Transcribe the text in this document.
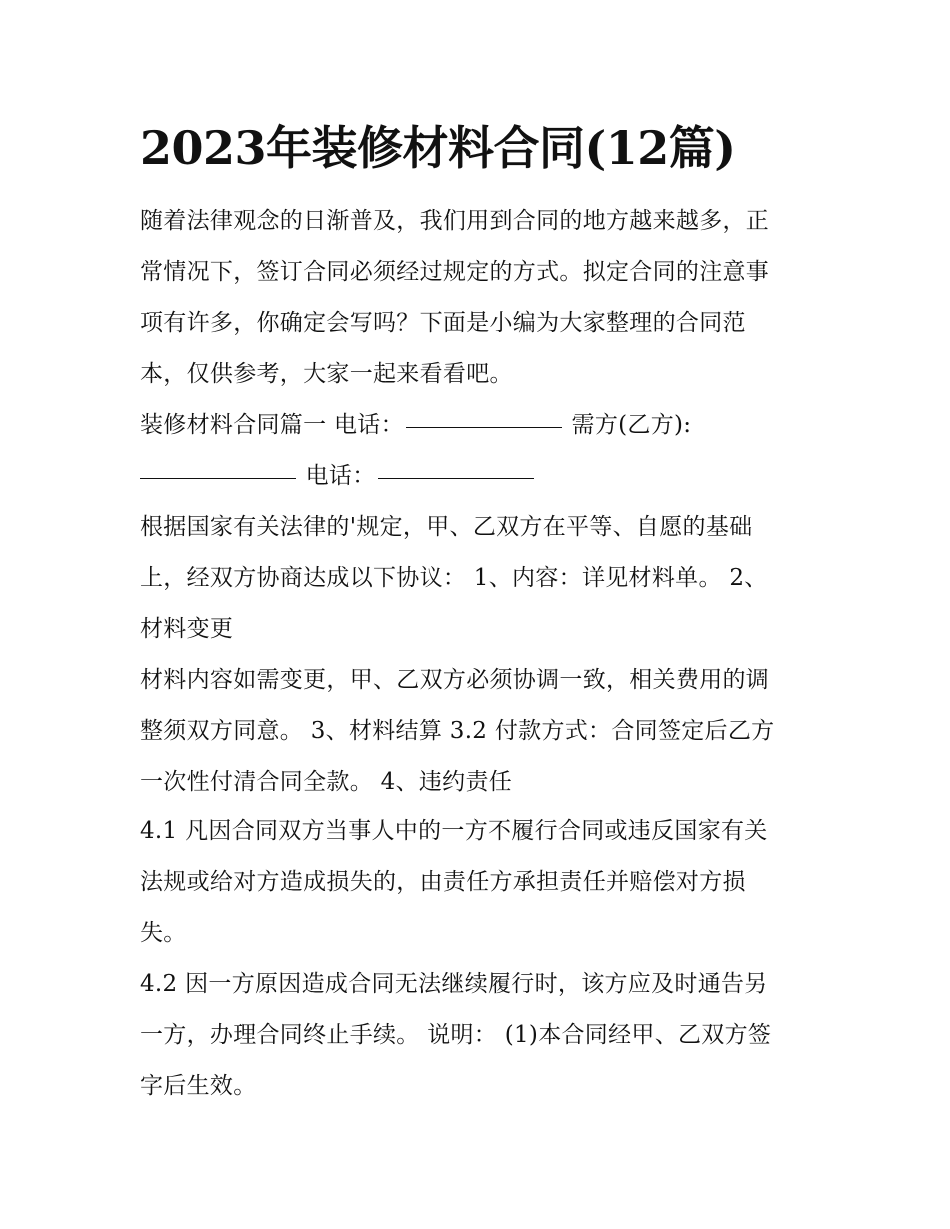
2023年装修材料合同(12篇)

随着法律观念的日渐普及，我们用到合同的地方越来越多，正
常情况下，签订合同必须经过规定的方式。拟定合同的注意事
项有许多，你确定会写吗？下面是小编为大家整理的合同范
本，仅供参考，大家一起来看看吧。

装修材料合同篇一 电话：	需方(乙方):
电话：

根据国家有关法律的'规定，甲、乙双方在平等、自愿的基础
上，经双方协商达成以下协议： 1、内容：详见材料单。 2、
材料变更

材料内容如需变更，甲、乙双方必须协调一致，相关费用的调
整须双方同意。 3、材料结算 3.2 付款方式：合同签定后乙方
一次性付清合同全款。 4、违约责任

4.1 凡因合同双方当事人中的一方不履行合同或违反国家有关
法规或给对方造成损失的，由责任方承担责任并赔偿对方损
失。

4.2 因一方原因造成合同无法继续履行时，该方应及时通告另
一方，办理合同终止手续。 说明： (1)本合同经甲、乙双方签
字后生效。
